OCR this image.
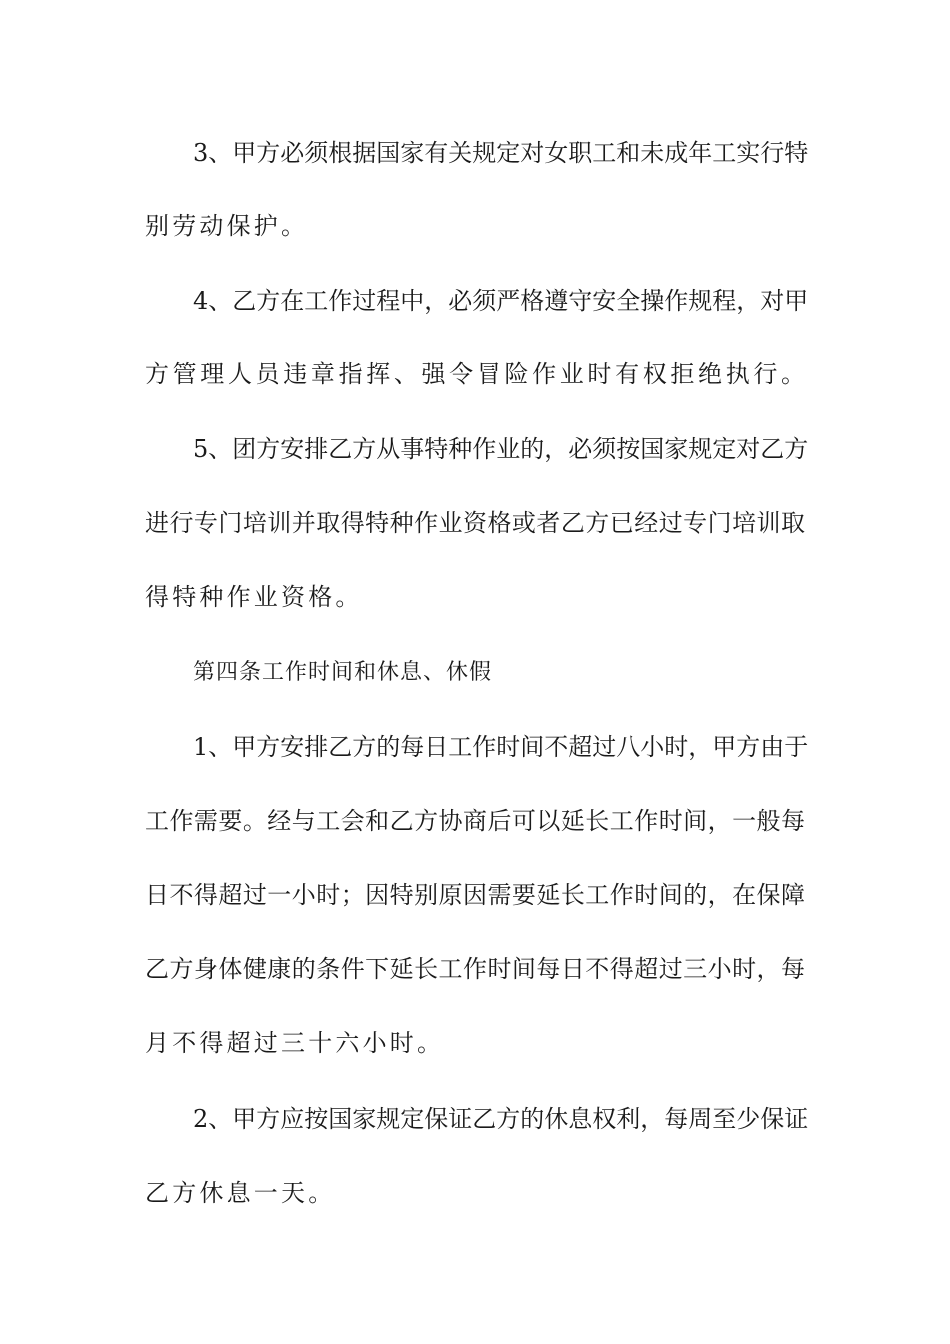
3、甲方必须根据国家有关规定对女职工和未成年工实行特
别劳动保护。
4、乙方在工作过程中，必须严格遵守安全操作规程，对甲
方管理人员违章指挥、强令冒险作业时有权拒绝执行。
5、团方安排乙方从事特种作业的，必须按国家规定对乙方
进行专门培训并取得特种作业资格或者乙方已经过专门培训取
得特种作业资格。
第四条工作时间和休息、休假
1、甲方安排乙方的每日工作时间不超过八小时，甲方由于
工作需要。经与工会和乙方协商后可以延长工作时间，一般每
日不得超过一小时；因特别原因需要延长工作时间的，在保障
乙方身体健康的条件下延长工作时间每日不得超过三小时，每
月不得超过三十六小时。
2、甲方应按国家规定保证乙方的休息权利，每周至少保证
乙方休息一天。
